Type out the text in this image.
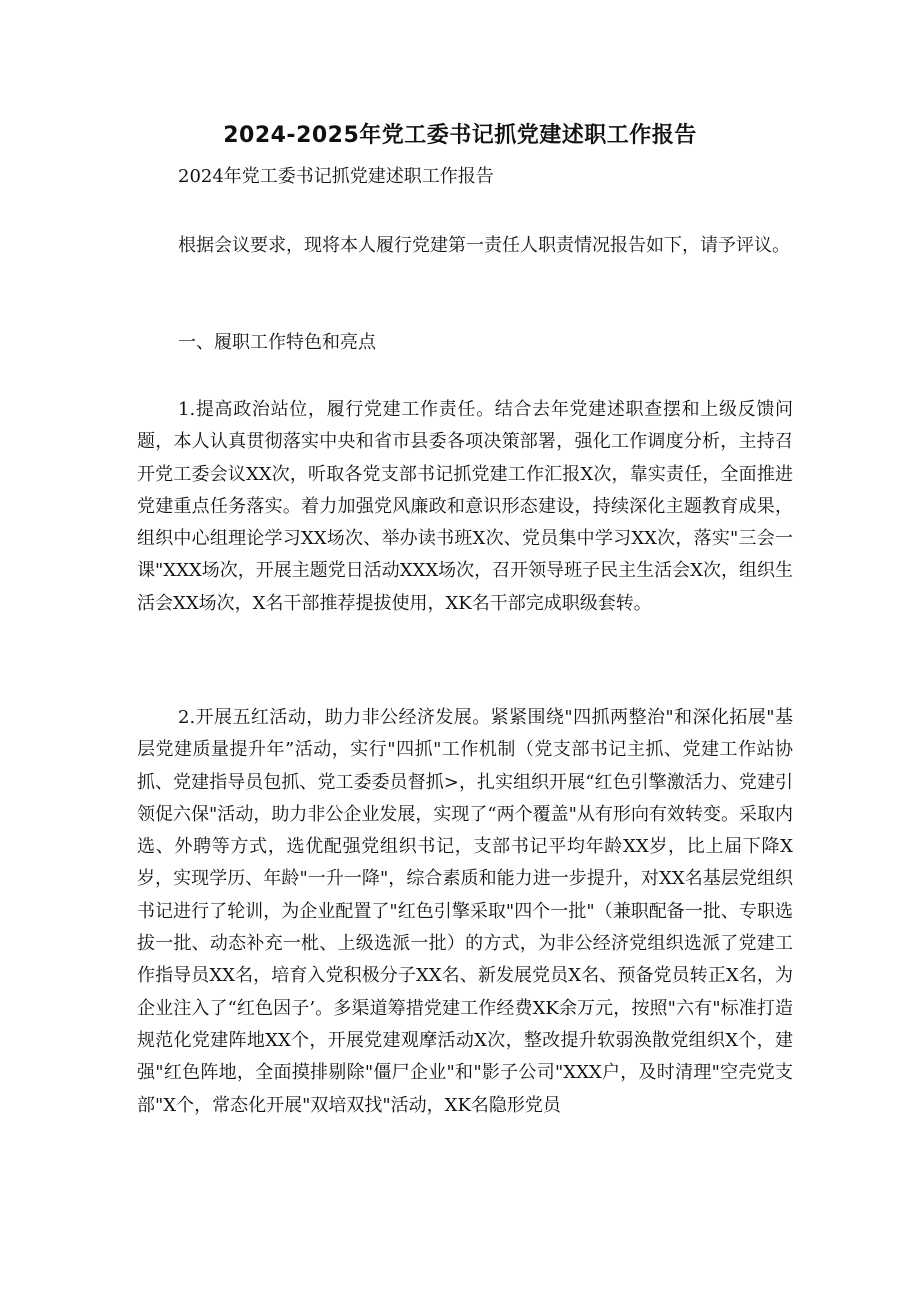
2024-2025年党工委书记抓党建述职工作报告
2024年党工委书记抓党建述职工作报告

根据会议要求，现将本人履行党建第一责任人职责情况报告如下，请予评议。

一、履职工作特色和亮点

1.提高政治站位，履行党建工作责任。结合去年党建述职查摆和上级反馈问题，本人认真贯彻落实中央和省市县委各项决策部署，强化工作调度分析，主持召开党工委会议XX次，听取各党支部书记抓党建工作汇报X次，靠实责任，全面推进党建重点任务落实。着力加强党风廉政和意识形态建设，持续深化主题教育成果，组织中心组理论学习XX场次、举办读书班X次、党员集中学习XX次，落实"三会一课"XXX场次，开展主题党日活动XXX场次，召开领导班子民主生活会X次，组织生活会XX场次，X名干部推荐提拔使用，XK名干部完成职级套转。

2.开展五红活动，助力非公经济发展。紧紧围绕"四抓两整治"和深化拓展"基层党建质量提升年”活动，实行"四抓"工作机制（党支部书记主抓、党建工作站协抓、党建指导员包抓、党工委委员督抓>，扎实组织开展“红色引擎激活力、党建引领促六保"活动，助力非公企业发展，实现了“两个覆盖"从有形向有效转变。采取内选、外聘等方式，选优配强党组织书记，支部书记平均年龄XX岁，比上届下降X岁，实现学历、年龄"一升一降"，综合素质和能力进一步提升，对XX名基层党组织书记进行了轮训，为企业配置了"红色引擎采取"四个一批"（兼职配备一批、专职选拔一批、动态补充一枇、上级选派一批）的方式，为非公经济党组织选派了党建工作指导员XX名，培育入党积极分子XX名、新发展党员X名、预备党员转正X名，为企业注入了“红色因子’。多渠道筹措党建工作经费XK余万元，按照"六有"标准打造规范化党建阵地XX个，开展党建观摩活动X次，整改提升软弱涣散党组织X个，建强"红色阵地，全面摸排剔除"僵尸企业"和"影子公司"XXX户，及时清理"空壳党支部"X个，常态化开展"双培双找"活动，XK名隐形党员
